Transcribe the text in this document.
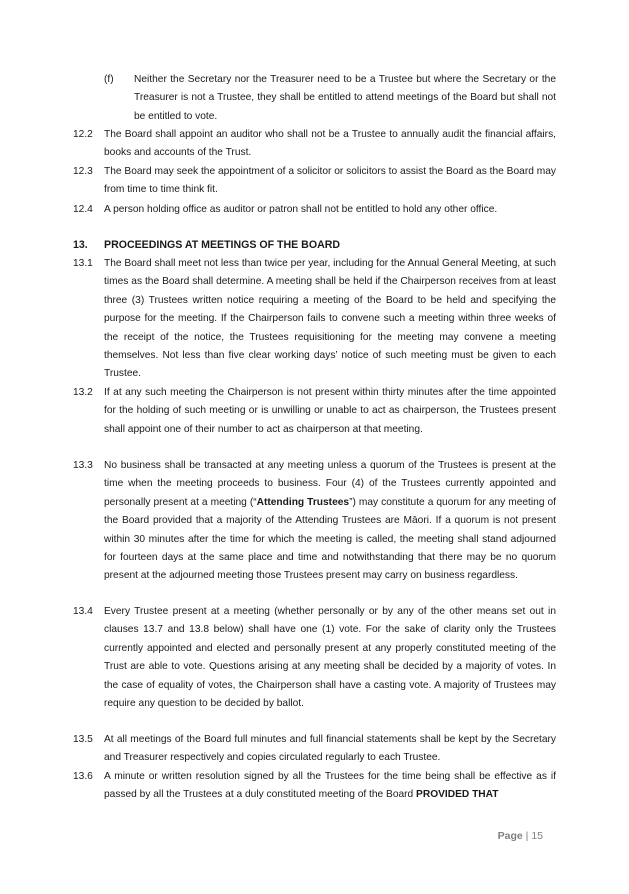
(f) Neither the Secretary nor the Treasurer need to be a Trustee but where the Secretary or the Treasurer is not a Trustee, they shall be entitled to attend meetings of the Board but shall not be entitled to vote.
12.2 The Board shall appoint an auditor who shall not be a Trustee to annually audit the financial affairs, books and accounts of the Trust.
12.3 The Board may seek the appointment of a solicitor or solicitors to assist the Board as the Board may from time to time think fit.
12.4 A person holding office as auditor or patron shall not be entitled to hold any other office.
13. PROCEEDINGS AT MEETINGS OF THE BOARD
13.1 The Board shall meet not less than twice per year, including for the Annual General Meeting, at such times as the Board shall determine. A meeting shall be held if the Chairperson receives from at least three (3) Trustees written notice requiring a meeting of the Board to be held and specifying the purpose for the meeting. If the Chairperson fails to convene such a meeting within three weeks of the receipt of the notice, the Trustees requisitioning for the meeting may convene a meeting themselves. Not less than five clear working days’ notice of such meeting must be given to each Trustee.
13.2 If at any such meeting the Chairperson is not present within thirty minutes after the time appointed for the holding of such meeting or is unwilling or unable to act as chairperson, the Trustees present shall appoint one of their number to act as chairperson at that meeting.
13.3 No business shall be transacted at any meeting unless a quorum of the Trustees is present at the time when the meeting proceeds to business. Four (4) of the Trustees currently appointed and personally present at a meeting (“Attending Trustees”) may constitute a quorum for any meeting of the Board provided that a majority of the Attending Trustees are Māori. If a quorum is not present within 30 minutes after the time for which the meeting is called, the meeting shall stand adjourned for fourteen days at the same place and time and notwithstanding that there may be no quorum present at the adjourned meeting those Trustees present may carry on business regardless.
13.4 Every Trustee present at a meeting (whether personally or by any of the other means set out in clauses 13.7 and 13.8 below) shall have one (1) vote. For the sake of clarity only the Trustees currently appointed and elected and personally present at any properly constituted meeting of the Trust are able to vote. Questions arising at any meeting shall be decided by a majority of votes. In the case of equality of votes, the Chairperson shall have a casting vote. A majority of Trustees may require any question to be decided by ballot.
13.5 At all meetings of the Board full minutes and full financial statements shall be kept by the Secretary and Treasurer respectively and copies circulated regularly to each Trustee.
13.6 A minute or written resolution signed by all the Trustees for the time being shall be effective as if passed by all the Trustees at a duly constituted meeting of the Board PROVIDED THAT
Page | 15
